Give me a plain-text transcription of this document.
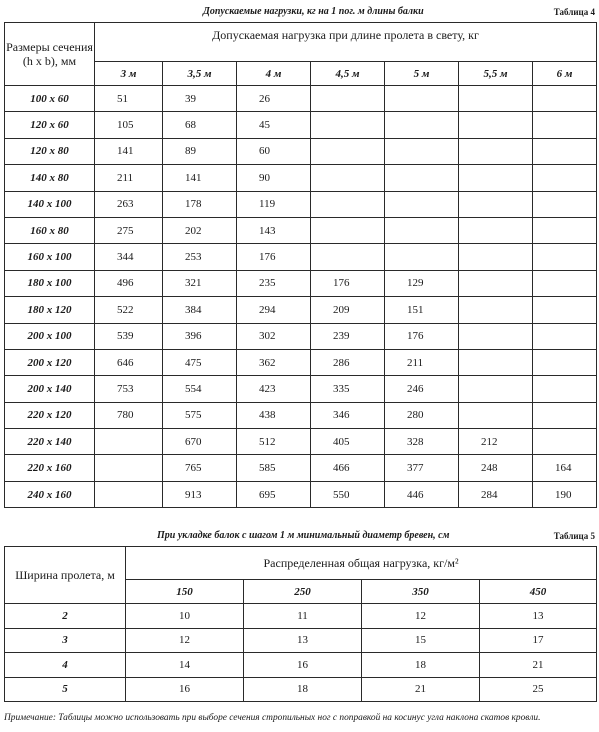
Допускаемые нагрузки, кг на 1 пог. м длины балки	Таблица 4
Размеры сечения (h x b), мм	Допускаемая нагрузка при длине пролета в свету, кг						
	3 м	3,5 м	4 м	4,5 м	5 м	5,5 м	6 м
100 x 60	51	39	26				
120 x 60	105	68	45				
120 x 80	141	89	60				
140 x 80	211	141	90				
140 x 100	263	178	119				
160 x 80	275	202	143				
160 x 100	344	253	176				
180 x 100	496	321	235	176	129		
180 x 120	522	384	294	209	151		
200 x 100	539	396	302	239	176		
200 x 120	646	475	362	286	211		
200 x 140	753	554	423	335	246		
220 x 120	780	575	438	346	280		
220 x 140		670	512	405	328	212	
220 x 160		765	585	466	377	248	164
240 x 160		913	695	550	446	284	190
При укладке балок с шагом 1 м минимальный диаметр бревен, см	Таблица 5
Ширина пролета, м	Распределенная общая нагрузка, кг/м²			
	150	250	350	450
2	10	11	12	13
3	12	13	15	17
4	14	16	18	21
5	16	18	21	25
Примечание: Таблицы можно использовать при выборе сечения стропильных ног с поправкой на косинус угла наклона скатов кровли.
